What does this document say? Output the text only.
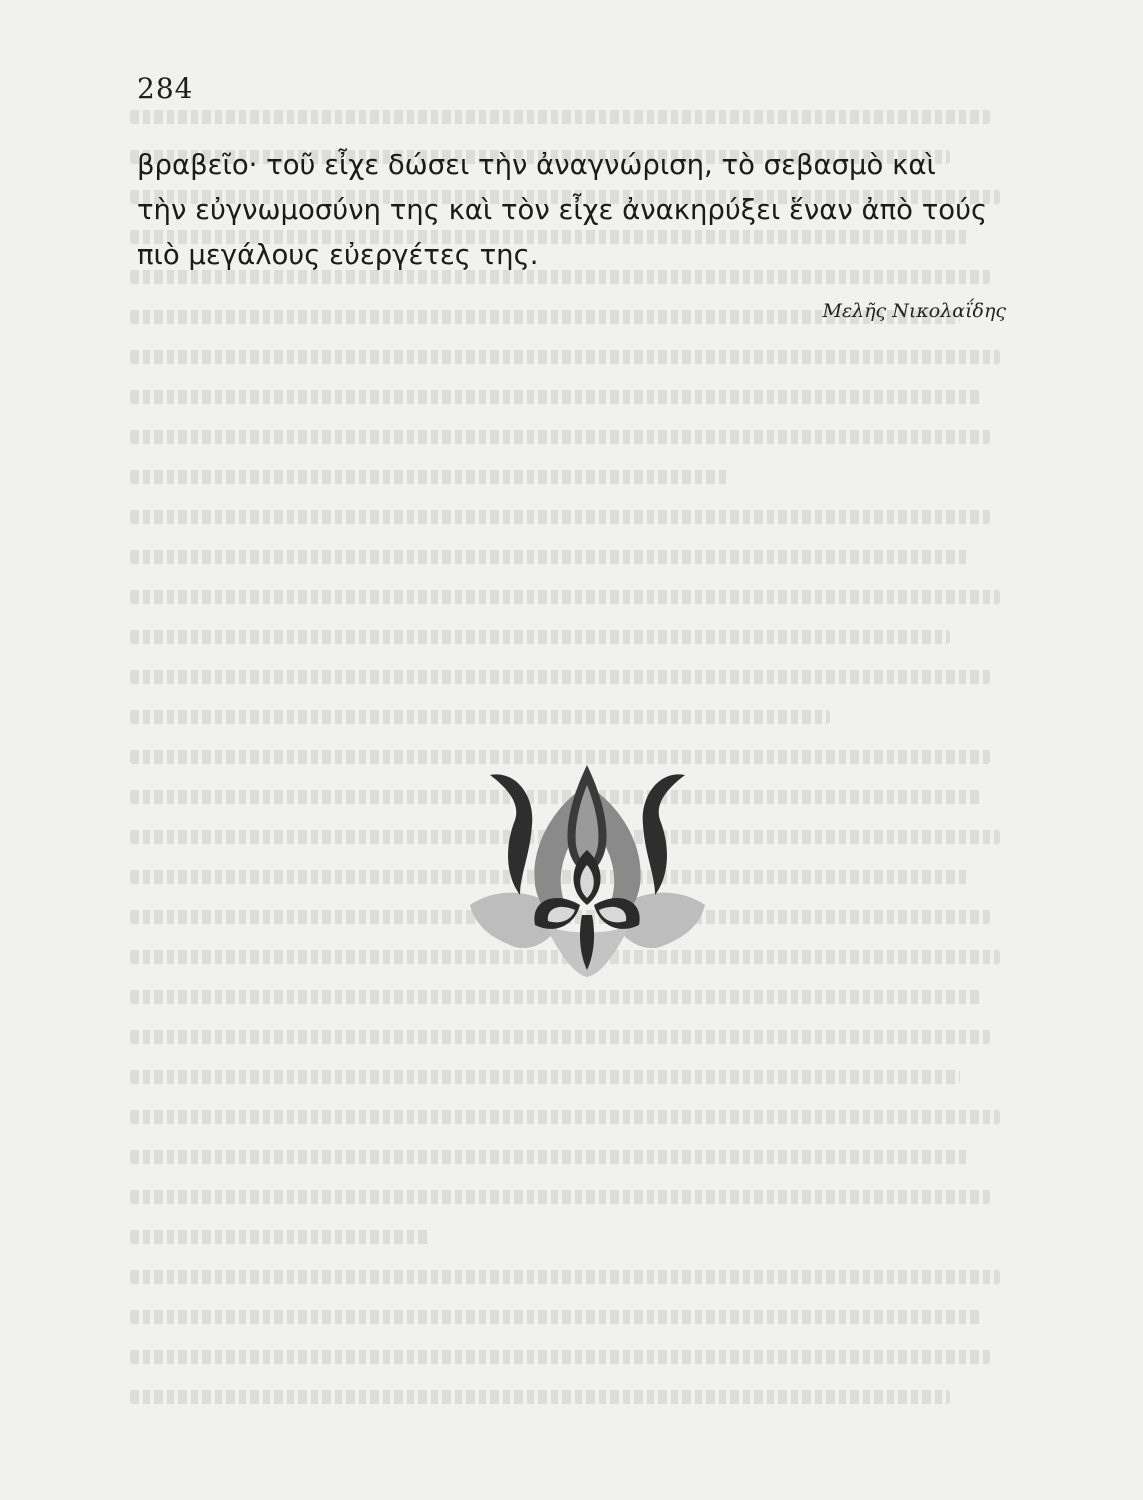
284
βραβεῖο· τοῦ εἶχε δώσει τὴν ἀναγνώριση, τὸ σεβασμὸ καὶ
τὴν εὐγνωμοσύνη της καὶ τὸν εἶχε ἀνακηρύξει ἕναν ἀπὸ τούς
πιὸ μεγάλους εὐεργέτες της.
Μελῆς Νικολαΐδης
